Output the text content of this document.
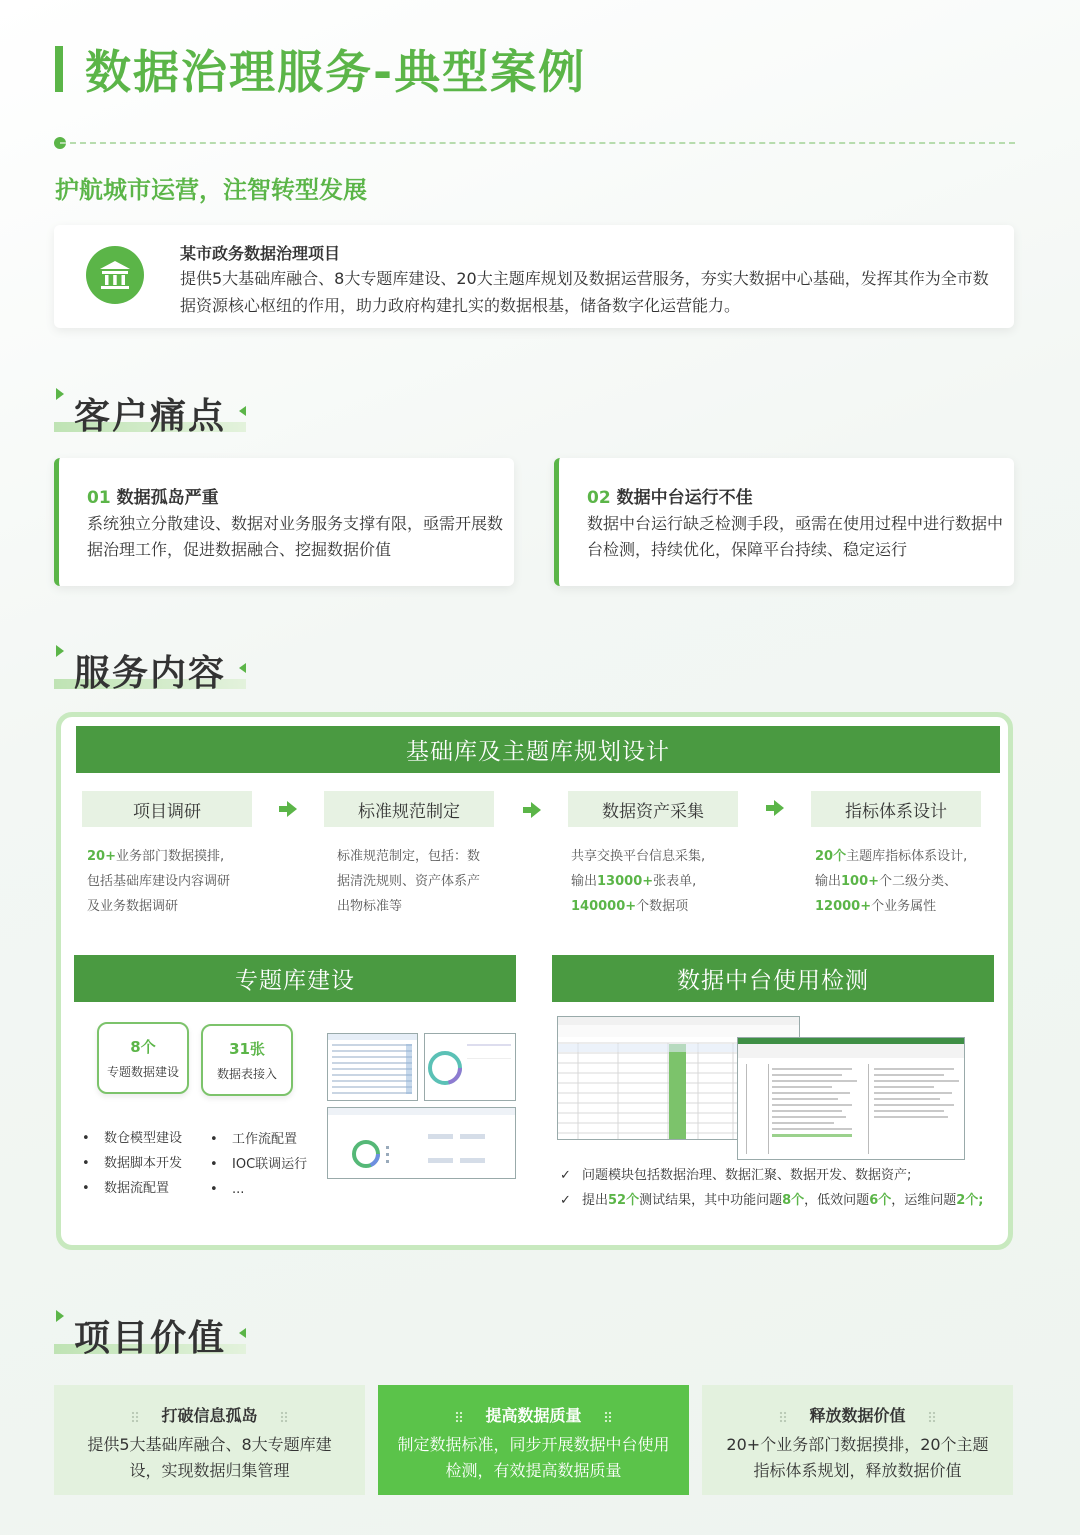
数据治理服务-典型案例
护航城市运营，注智转型发展
某市政务数据治理项目
提供5大基础库融合、8大专题库建设、20大主题库规划及数据运营服务，夯实大数据中心基础，发挥其作为全市数据资源核心枢纽的作用，助力政府构建扎实的数据根基，储备数字化运营能力。
客户痛点
01 数据孤岛严重
系统独立分散建设、数据对业务服务支撑有限，亟需开展数据治理工作，促进数据融合、挖掘数据价值
02 数据中台运行不佳
数据中台运行缺乏检测手段，亟需在使用过程中进行数据中台检测，持续优化，保障平台持续、稳定运行
服务内容
基础库及主题库规划设计
项目调研	标准规范制定	数据资产采集	指标体系设计
20+业务部门数据摸排,
包括基础库建设内容调研
及业务数据调研
标准规范制定，包括：数
据清洗规则、资产体系产
出物标准等
共享交换平台信息采集,
输出13000+张表单,
140000+个数据项
20个主题库指标体系设计,
输出100+个二级分类、
12000+个业务属性
专题库建设
8个
专题数据建设
31张
数据表接入
• 数仓模型建设
• 数据脚本开发
• 数据流配置
• 工作流配置
• IOC联调运行
• ...
数据中台使用检测
✓ 问题模块包括数据治理、数据汇聚、数据开发、数据资产;
✓ 提出52个测试结果，其中功能问题8个，低效问题6个，运维问题2个;
项目价值
打破信息孤岛
提供5大基础库融合、8大专题库建设，实现数据归集管理
提高数据质量
制定数据标准，同步开展数据中台使用检测，有效提高数据质量
释放数据价值
20+个业务部门数据摸排，20个主题指标体系规划，释放数据价值
